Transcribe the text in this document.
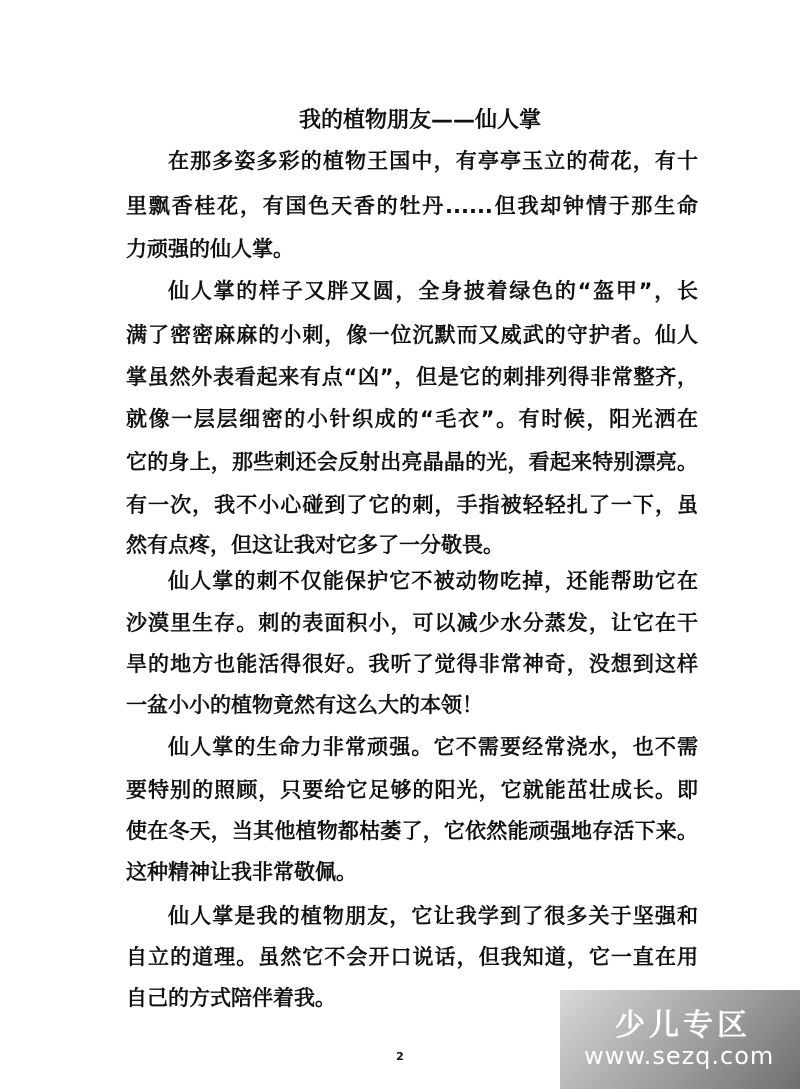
我的植物朋友——仙人掌
在那多姿多彩的植物王国中，有亭亭玉立的荷花，有十
里飘香桂花，有国色天香的牡丹......但我却钟情于那生命
力顽强的仙人掌。
仙人掌的样子又胖又圆，全身披着绿色的“盔甲”，长
满了密密麻麻的小刺，像一位沉默而又威武的守护者。仙人
掌虽然外表看起来有点“凶”，但是它的刺排列得非常整齐，
就像一层层细密的小针织成的“毛衣”。有时候，阳光洒在
它的身上，那些刺还会反射出亮晶晶的光，看起来特别漂亮。
有一次，我不小心碰到了它的刺，手指被轻轻扎了一下，虽
然有点疼，但这让我对它多了一分敬畏。
仙人掌的刺不仅能保护它不被动物吃掉，还能帮助它在
沙漠里生存。刺的表面积小，可以减少水分蒸发，让它在干
旱的地方也能活得很好。我听了觉得非常神奇，没想到这样
一盆小小的植物竟然有这么大的本领！
仙人掌的生命力非常顽强。它不需要经常浇水，也不需
要特别的照顾，只要给它足够的阳光，它就能茁壮成长。即
使在冬天，当其他植物都枯萎了，它依然能顽强地存活下来。
这种精神让我非常敬佩。
仙人掌是我的植物朋友，它让我学到了很多关于坚强和
自立的道理。虽然它不会开口说话，但我知道，它一直在用
自己的方式陪伴着我。
2
少儿专区
www.sezq.com
